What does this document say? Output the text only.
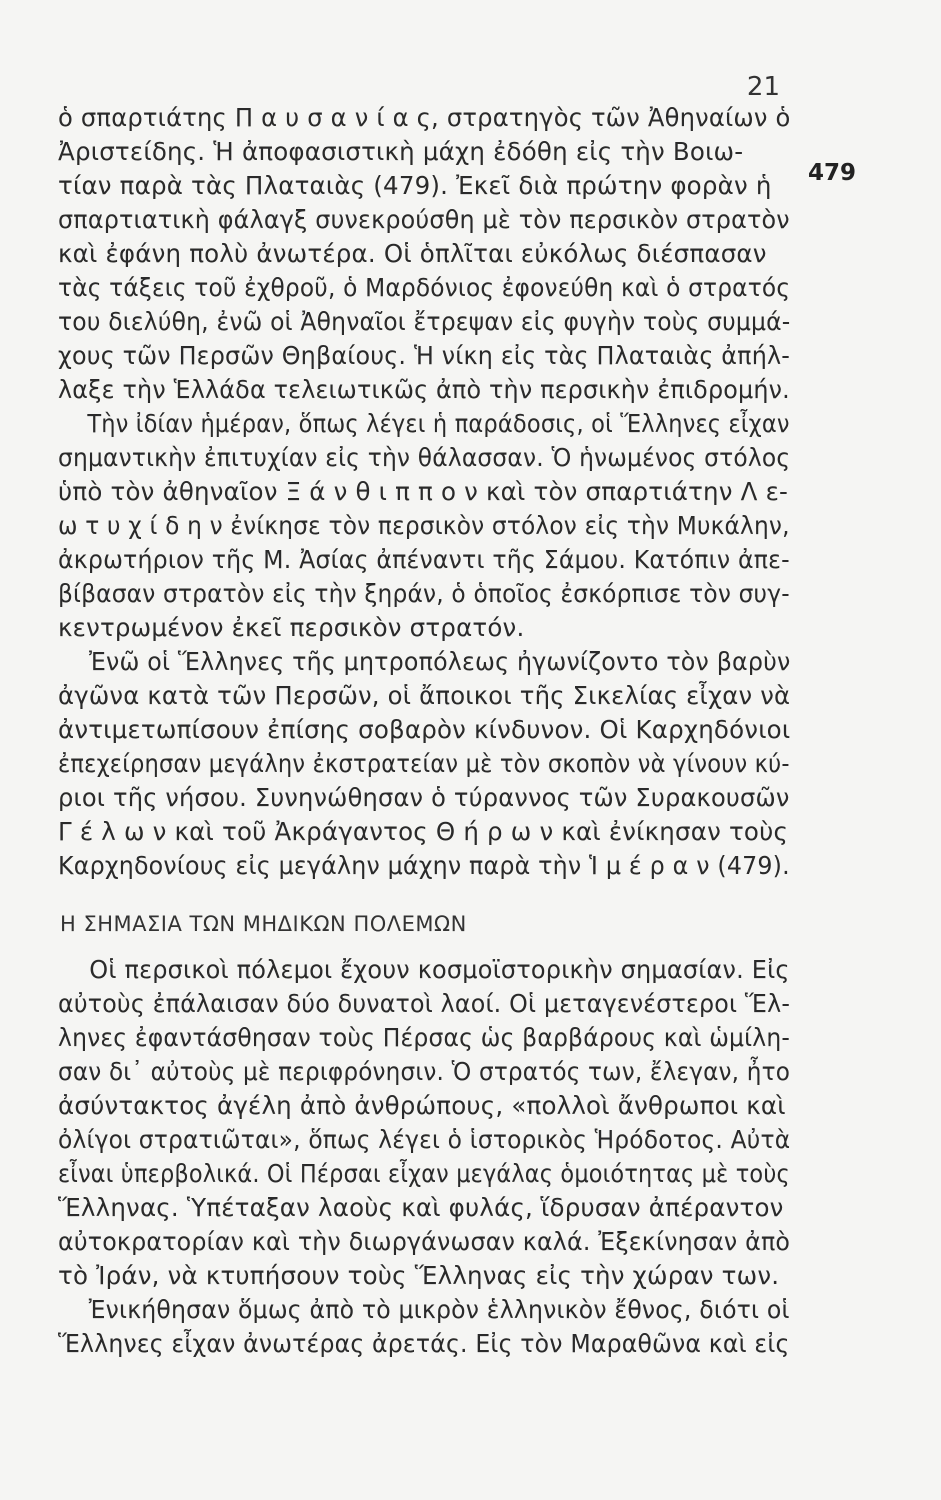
21
479
ὁ σπαρτιάτης Π α υ σ α ν ί α ς, στρατηγὸς τῶν Ἀθηναίων ὁ
Ἀριστείδης. Ἡ ἀποφασιστικὴ μάχη ἐδόθη εἰς τὴν Βοιω-
τίαν παρὰ τὰς Πλαταιὰς (479). Ἐκεῖ διὰ πρώτην φορὰν ἡ
σπαρτιατικὴ φάλαγξ συνεκρούσθη μὲ τὸν περσικὸν στρατὸν
καὶ ἐφάνη πολὺ ἀνωτέρα. Οἱ ὁπλῖται εὐκόλως διέσπασαν
τὰς τάξεις τοῦ ἐχθροῦ, ὁ Μαρδόνιος ἐφονεύθη καὶ ὁ στρατός
του διελύθη, ἐνῶ οἱ Ἀθηναῖοι ἔτρεψαν εἰς φυγὴν τοὺς συμμά-
χους τῶν Περσῶν Θηβαίους. Ἡ νίκη εἰς τὰς Πλαταιὰς ἀπήλ-
λαξε τὴν Ἑλλάδα τελειωτικῶς ἀπὸ τὴν περσικὴν ἐπιδρομήν.
Τὴν ἰδίαν ἡμέραν, ὅπως λέγει ἡ παράδοσις, οἱ Ἕλληνες εἶχαν
σημαντικὴν ἐπιτυχίαν εἰς τὴν θάλασσαν. Ὁ ἡνωμένος στόλος
ὑπὸ τὸν ἀθηναῖον Ξ ά ν θ ι π π ο ν καὶ τὸν σπαρτιάτην Λ ε-
ω τ υ χ ί δ η ν ἐνίκησε τὸν περσικὸν στόλον εἰς τὴν Μυκάλην,
ἀκρωτήριον τῆς Μ. Ἀσίας ἀπέναντι τῆς Σάμου. Κατόπιν ἀπε-
βίβασαν στρατὸν εἰς τὴν ξηράν, ὁ ὁποῖος ἐσκόρπισε τὸν συγ-
κεντρωμένον ἐκεῖ περσικὸν στρατόν.
Ἐνῶ οἱ Ἕλληνες τῆς μητροπόλεως ἠγωνίζοντο τὸν βαρὺν
ἀγῶνα κατὰ τῶν Περσῶν, οἱ ἄποικοι τῆς Σικελίας εἶχαν νὰ
ἀντιμετωπίσουν ἐπίσης σοβαρὸν κίνδυνον. Οἱ Καρχηδόνιοι
ἐπεχείρησαν μεγάλην ἐκστρατείαν μὲ τὸν σκοπὸν νὰ γίνουν κύ-
ριοι τῆς νήσου. Συνηνώθησαν ὁ τύραννος τῶν Συρακουσῶν
Γ έ λ ω ν καὶ τοῦ Ἀκράγαντος Θ ή ρ ω ν καὶ ἐνίκησαν τοὺς
Καρχηδονίους εἰς μεγάλην μάχην παρὰ τὴν Ἱ μ έ ρ α ν (479).
Η ΣΗΜΑΣΙΑ ΤΩΝ ΜΗΔΙΚΩΝ ΠΟΛΕΜΩΝ
Οἱ περσικοὶ πόλεμοι ἔχουν κοσμοϊστορικὴν σημασίαν. Εἰς
αὐτοὺς ἐπάλαισαν δύο δυνατοὶ λαοί. Οἱ μεταγενέστεροι Ἕλ-
ληνες ἐφαντάσθησαν τοὺς Πέρσας ὡς βαρβάρους καὶ ὡμίλη-
σαν δι᾽ αὐτοὺς μὲ περιφρόνησιν. Ὁ στρατός των, ἔλεγαν, ἦτο
ἀσύντακτος ἀγέλη ἀπὸ ἀνθρώπους, «πολλοὶ ἄνθρωποι καὶ
ὀλίγοι στρατιῶται», ὅπως λέγει ὁ ἱστορικὸς Ἡρόδοτος. Αὐτὰ
εἶναι ὑπερβολικά. Οἱ Πέρσαι εἶχαν μεγάλας ὁμοιότητας μὲ τοὺς
Ἕλληνας. Ὑπέταξαν λαοὺς καὶ φυλάς, ἵδρυσαν ἀπέραντον
αὐτοκρατορίαν καὶ τὴν διωργάνωσαν καλά. Ἐξεκίνησαν ἀπὸ
τὸ Ἰράν, νὰ κτυπήσουν τοὺς Ἕλληνας εἰς τὴν χώραν των.
Ἐνικήθησαν ὅμως ἀπὸ τὸ μικρὸν ἑλληνικὸν ἔθνος, διότι οἱ
Ἕλληνες εἶχαν ἀνωτέρας ἀρετάς. Εἰς τὸν Μαραθῶνα καὶ εἰς
